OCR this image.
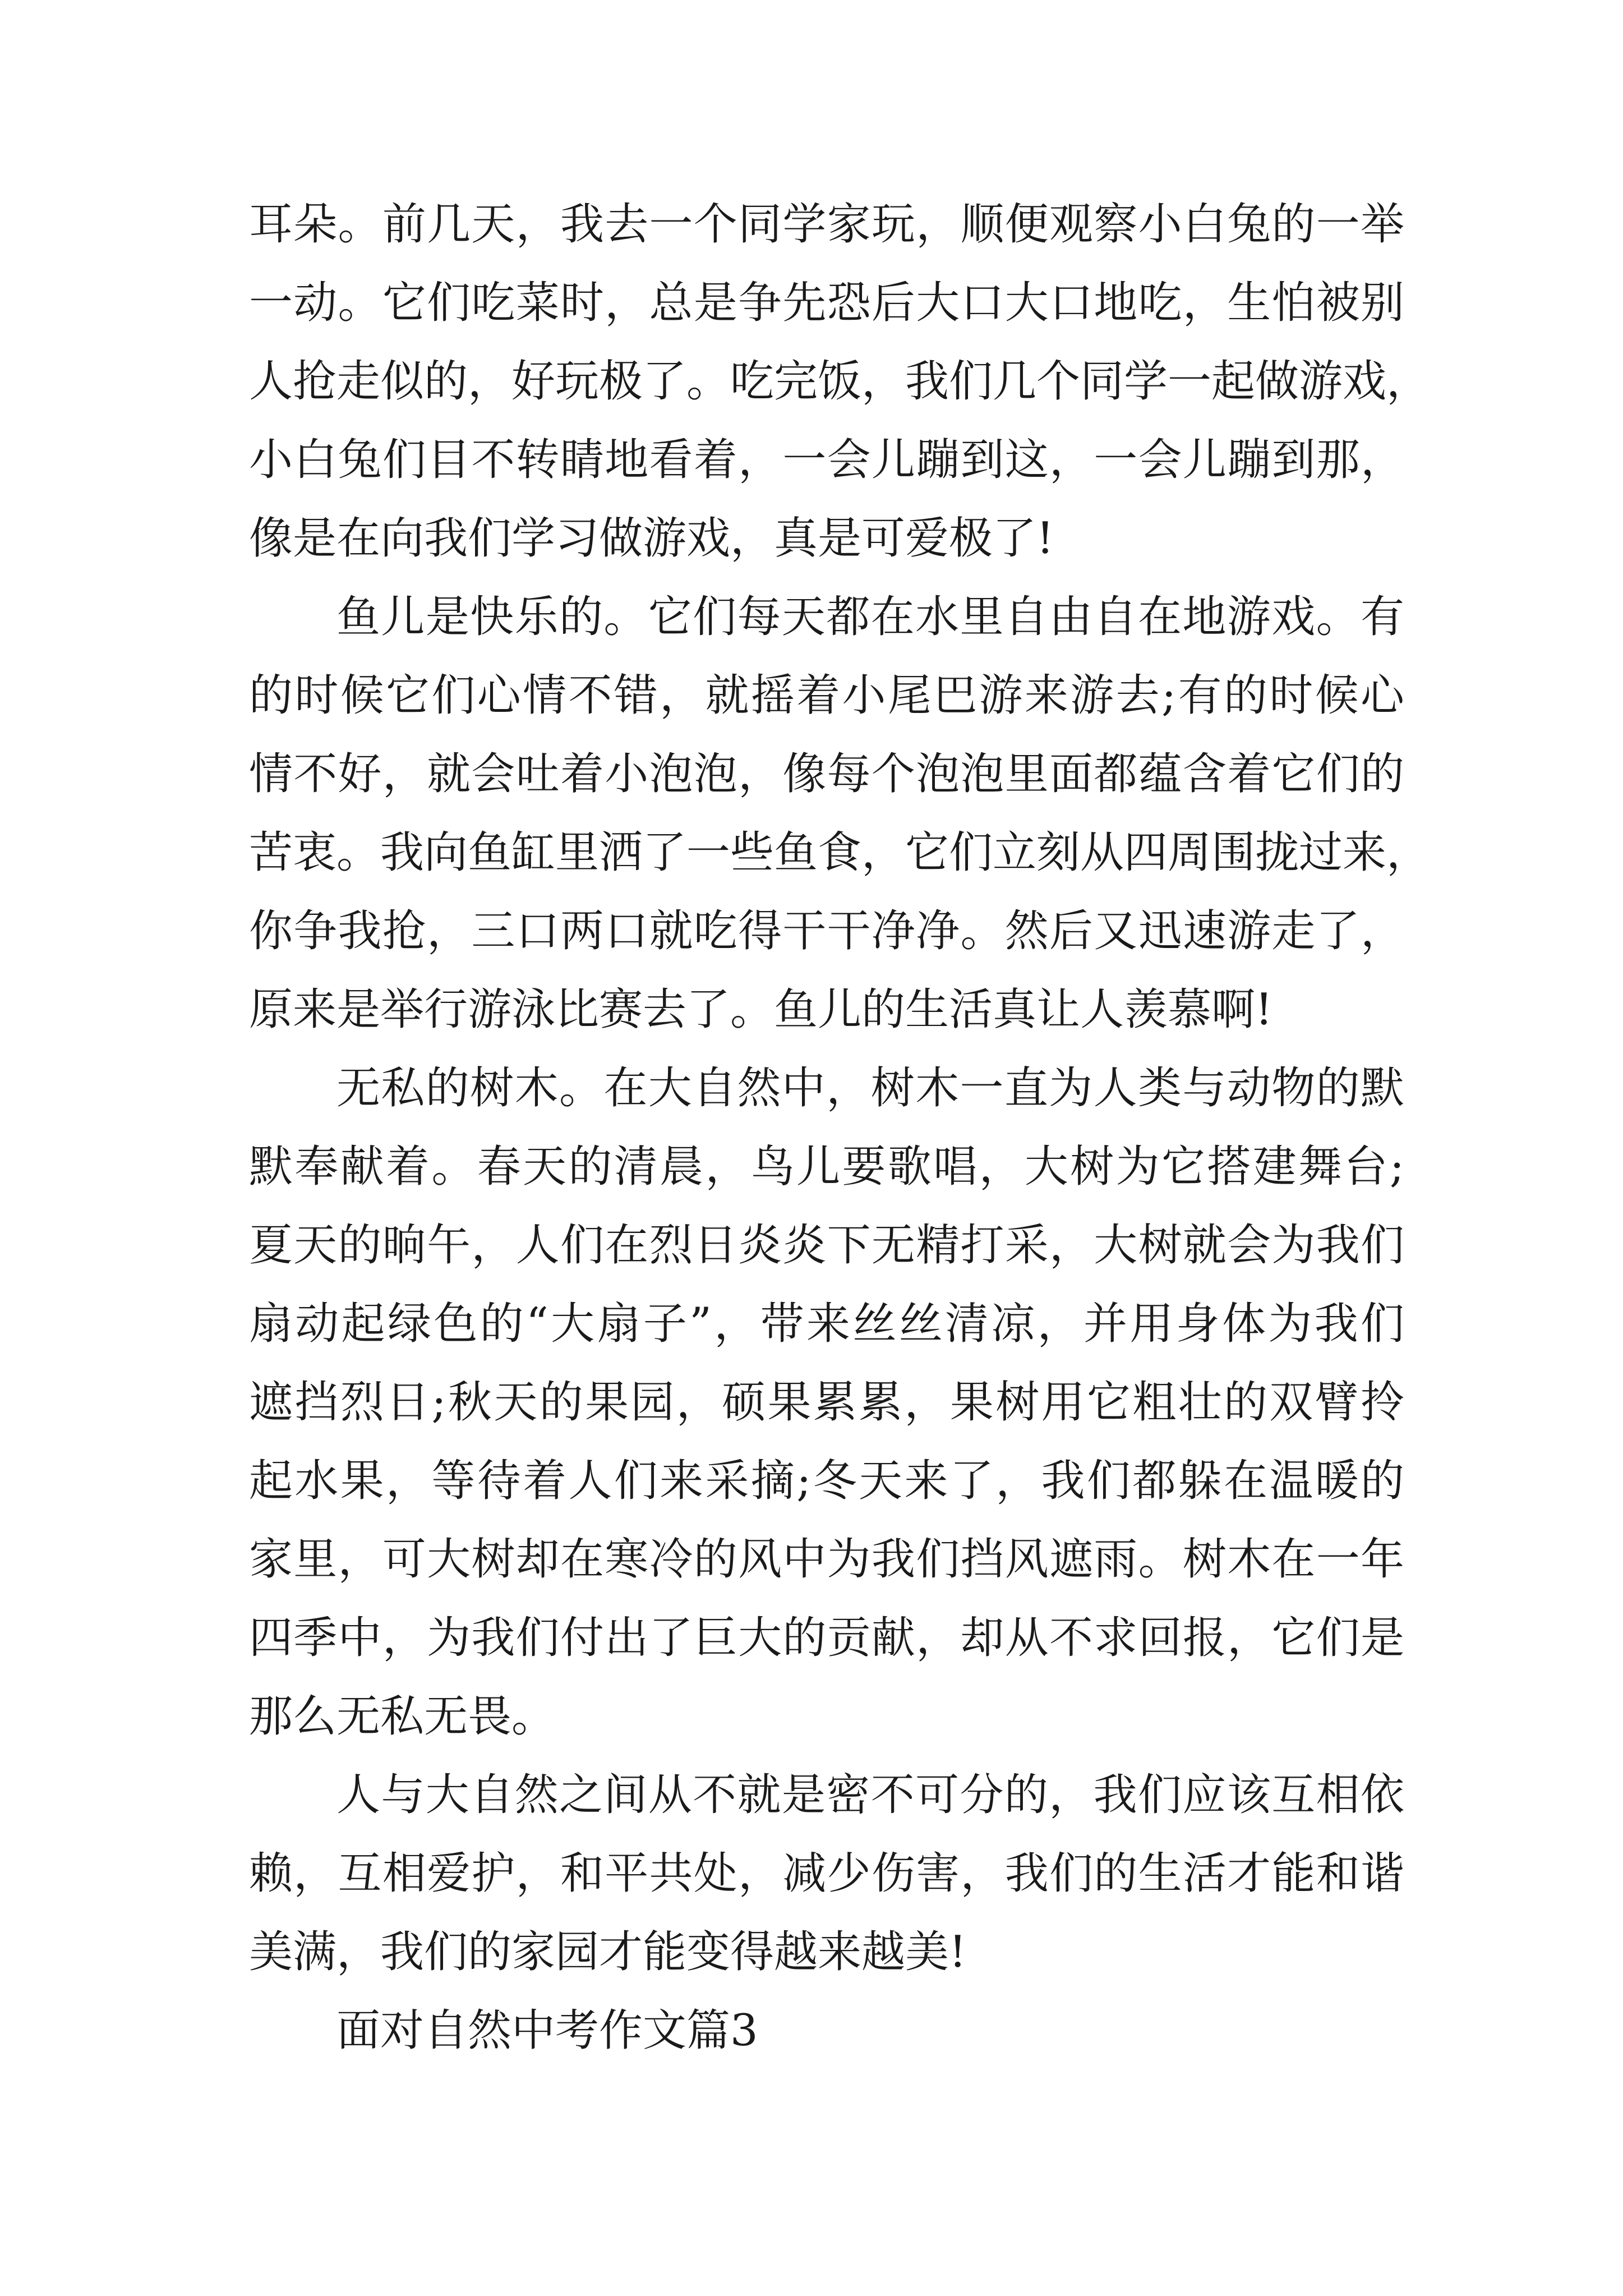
耳朵。前几天，我去一个同学家玩，顺便观察小白兔的一举

一动。它们吃菜时，总是争先恐后大口大口地吃，生怕被别

人抢走似的，好玩极了。吃完饭，我们几个同学一起做游戏，

小白兔们目不转睛地看着，一会儿蹦到这，一会儿蹦到那，

像是在向我们学习做游戏，真是可爱极了!

鱼儿是快乐的。它们每天都在水里自由自在地游戏。有

的时候它们心情不错，就摇着小尾巴游来游去;有的时候心

情不好，就会吐着小泡泡，像每个泡泡里面都蕴含着它们的

苦衷。我向鱼缸里洒了一些鱼食，它们立刻从四周围拢过来，

你争我抢，三口两口就吃得干干净净。然后又迅速游走了，

原来是举行游泳比赛去了。鱼儿的生活真让人羡慕啊!

无私的树木。在大自然中，树木一直为人类与动物的默

默奉献着。春天的清晨，鸟儿要歌唱，大树为它搭建舞台;

夏天的晌午，人们在烈日炎炎下无精打采，大树就会为我们

扇动起绿色的“大扇子”，带来丝丝清凉，并用身体为我们

遮挡烈日;秋天的果园，硕果累累，果树用它粗壮的双臂拎

起水果，等待着人们来采摘;冬天来了，我们都躲在温暖的

家里，可大树却在寒冷的风中为我们挡风遮雨。树木在一年

四季中，为我们付出了巨大的贡献，却从不求回报，它们是

那么无私无畏。

人与大自然之间从不就是密不可分的，我们应该互相依

赖，互相爱护，和平共处，减少伤害，我们的生活才能和谐

美满，我们的家园才能变得越来越美!

面对自然中考作文篇3
